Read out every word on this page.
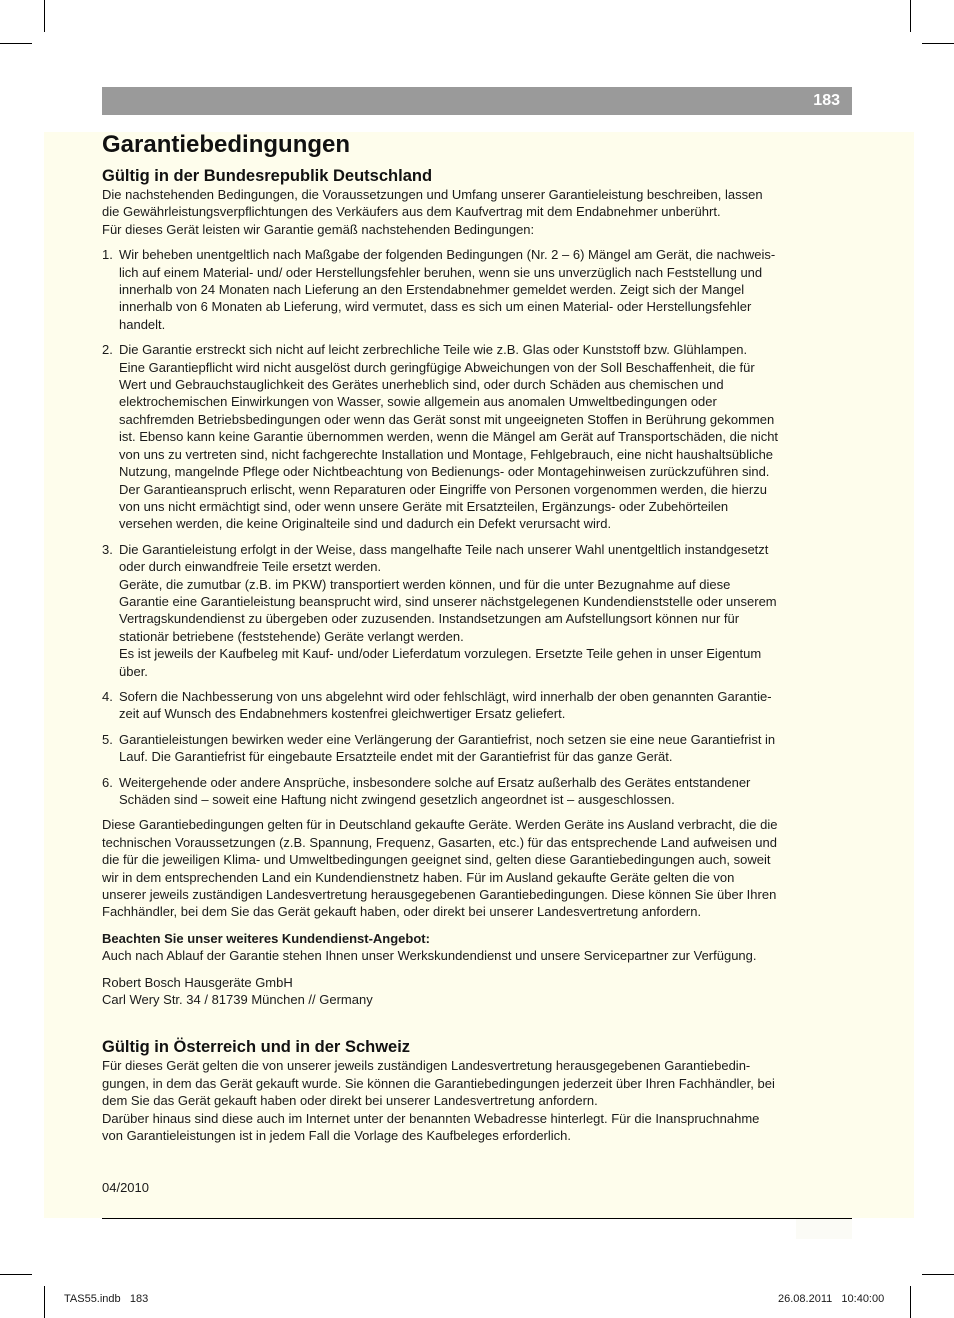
183
Garantiebedingungen
Gültig in der Bundesrepublik Deutschland

Die nachstehenden Bedingungen, die Voraussetzungen und Umfang unserer Garantieleistung beschreiben, lassen
die Gewährleistungsverpflichtungen des Verkäufers aus dem Kaufvertrag mit dem Endabnehmer unberührt.
Für dieses Gerät leisten wir Garantie gemäß nachstehenden Bedingungen:

1. Wir beheben unentgeltlich nach Maßgabe der folgenden Bedingungen (Nr. 2 – 6) Mängel am Gerät, die nachweis-
lich auf einem Material- und/ oder Herstellungsfehler beruhen, wenn sie uns unverzüglich nach Feststellung und
innerhalb von 24 Monaten nach Lieferung an den Erstendabnehmer gemeldet werden. Zeigt sich der Mangel
innerhalb von 6 Monaten ab Lieferung, wird vermutet, dass es sich um einen Material- oder Herstellungsfehler
handelt.
2. Die Garantie erstreckt sich nicht auf leicht zerbrechliche Teile wie z.B. Glas oder Kunststoff bzw. Glühlampen.
Eine Garantiepflicht wird nicht ausgelöst durch geringfügige Abweichungen von der Soll Beschaffenheit, die für
Wert und Gebrauchstauglichkeit des Gerätes unerheblich sind, oder durch Schäden aus chemischen und
elektrochemischen Einwirkungen von Wasser, sowie allgemein aus anomalen Umweltbedingungen oder
sachfremden Betriebsbedingungen oder wenn das Gerät sonst mit ungeeigneten Stoffen in Berührung gekommen
ist. Ebenso kann keine Garantie übernommen werden, wenn die Mängel am Gerät auf Transportschäden, die nicht
von uns zu vertreten sind, nicht fachgerechte Installation und Montage, Fehlgebrauch, eine nicht haushaltsübliche
Nutzung, mangelnde Pflege oder Nichtbeachtung von Bedienungs- oder Montagehinweisen zurückzuführen sind.
Der Garantieanspruch erlischt, wenn Reparaturen oder Eingriffe von Personen vorgenommen werden, die hierzu
von uns nicht ermächtigt sind, oder wenn unsere Geräte mit Ersatzteilen, Ergänzungs- oder Zubehörteilen
versehen werden, die keine Originalteile sind und dadurch ein Defekt verursacht wird.
3. Die Garantieleistung erfolgt in der Weise, dass mangelhafte Teile nach unserer Wahl unentgeltlich instandgesetzt
oder durch einwandfreie Teile ersetzt werden.
Geräte, die zumutbar (z.B. im PKW) transportiert werden können, und für die unter Bezugnahme auf diese
Garantie eine Garantieleistung beansprucht wird, sind unserer nächstgelegenen Kundendienststelle oder unserem
Vertragskundendienst zu übergeben oder zuzusenden. Instandsetzungen am Aufstellungsort können nur für
stationär betriebene (feststehende) Geräte verlangt werden.
Es ist jeweils der Kaufbeleg mit Kauf- und/oder Lieferdatum vorzulegen. Ersetzte Teile gehen in unser Eigentum
über.
4. Sofern die Nachbesserung von uns abgelehnt wird oder fehlschlägt, wird innerhalb der oben genannten Garantie-
zeit auf Wunsch des Endabnehmers kostenfrei gleichwertiger Ersatz geliefert.
5. Garantieleistungen bewirken weder eine Verlängerung der Garantiefrist, noch setzen sie eine neue Garantiefrist in
Lauf. Die Garantiefrist für eingebaute Ersatzteile endet mit der Garantiefrist für das ganze Gerät.
6. Weitergehende oder andere Ansprüche, insbesondere solche auf Ersatz außerhalb des Gerätes entstandener
Schäden sind – soweit eine Haftung nicht zwingend gesetzlich angeordnet ist – ausgeschlossen.

Diese Garantiebedingungen gelten für in Deutschland gekaufte Geräte. Werden Geräte ins Ausland verbracht, die die
technischen Voraussetzungen (z.B. Spannung, Frequenz, Gasarten, etc.) für das entsprechende Land aufweisen und
die für die jeweiligen Klima- und Umweltbedingungen geeignet sind, gelten diese Garantiebedingungen auch, soweit
wir in dem entsprechenden Land ein Kundendienstnetz haben. Für im Ausland gekaufte Geräte gelten die von
unserer jeweils zuständigen Landesvertretung herausgegebenen Garantiebedingungen. Diese können Sie über Ihren
Fachhändler, bei dem Sie das Gerät gekauft haben, oder direkt bei unserer Landesvertretung anfordern.

Beachten Sie unser weiteres Kundendienst-Angebot:

Auch nach Ablauf der Garantie stehen Ihnen unser Werkskundendienst und unsere Servicepartner zur Verfügung.

Robert Bosch Hausgeräte GmbH

Carl Wery Str. 34 / 81739 München // Germany

Gültig in Österreich und in der Schweiz

Für dieses Gerät gelten die von unserer jeweils zuständigen Landesvertretung herausgegebenen Garantiebedin-
gungen, in dem das Gerät gekauft wurde. Sie können die Garantiebedingungen jederzeit über Ihren Fachhändler, bei
dem Sie das Gerät gekauft haben oder direkt bei unserer Landesvertretung anfordern.
Darüber hinaus sind diese auch im Internet unter der benannten Webadresse hinterlegt. Für die Inanspruchnahme
von Garantieleistungen ist in jedem Fall die Vorlage des Kaufbeleges erforderlich.

04/2010

TAS55.indb   183	26.08.2011   10:40:00
